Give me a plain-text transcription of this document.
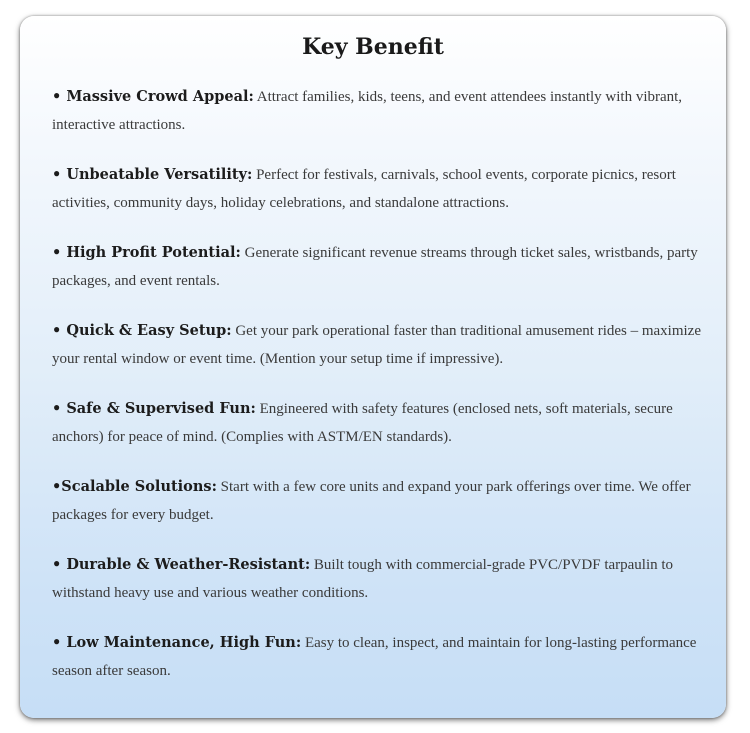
Key Benefit

• Massive Crowd Appeal: Attract families, kids, teens, and event attendees instantly with vibrant, interactive attractions.

• Unbeatable Versatility: Perfect for festivals, carnivals, school events, corporate picnics, resort activities, community days, holiday celebrations, and standalone attractions.

• High Profit Potential: Generate significant revenue streams through ticket sales, wristbands, party packages, and event rentals.

• Quick & Easy Setup: Get your park operational faster than traditional amusement rides – maximize your rental window or event time. (Mention your setup time if impressive).

• Safe & Supervised Fun: Engineered with safety features (enclosed nets, soft materials, secure anchors) for peace of mind. (Complies with ASTM/EN standards).

•Scalable Solutions: Start with a few core units and expand your park offerings over time. We offer packages for every budget.

• Durable & Weather-Resistant: Built tough with commercial-grade PVC/PVDF tarpaulin to withstand heavy use and various weather conditions.

• Low Maintenance, High Fun: Easy to clean, inspect, and maintain for long-lasting performance season after season.
